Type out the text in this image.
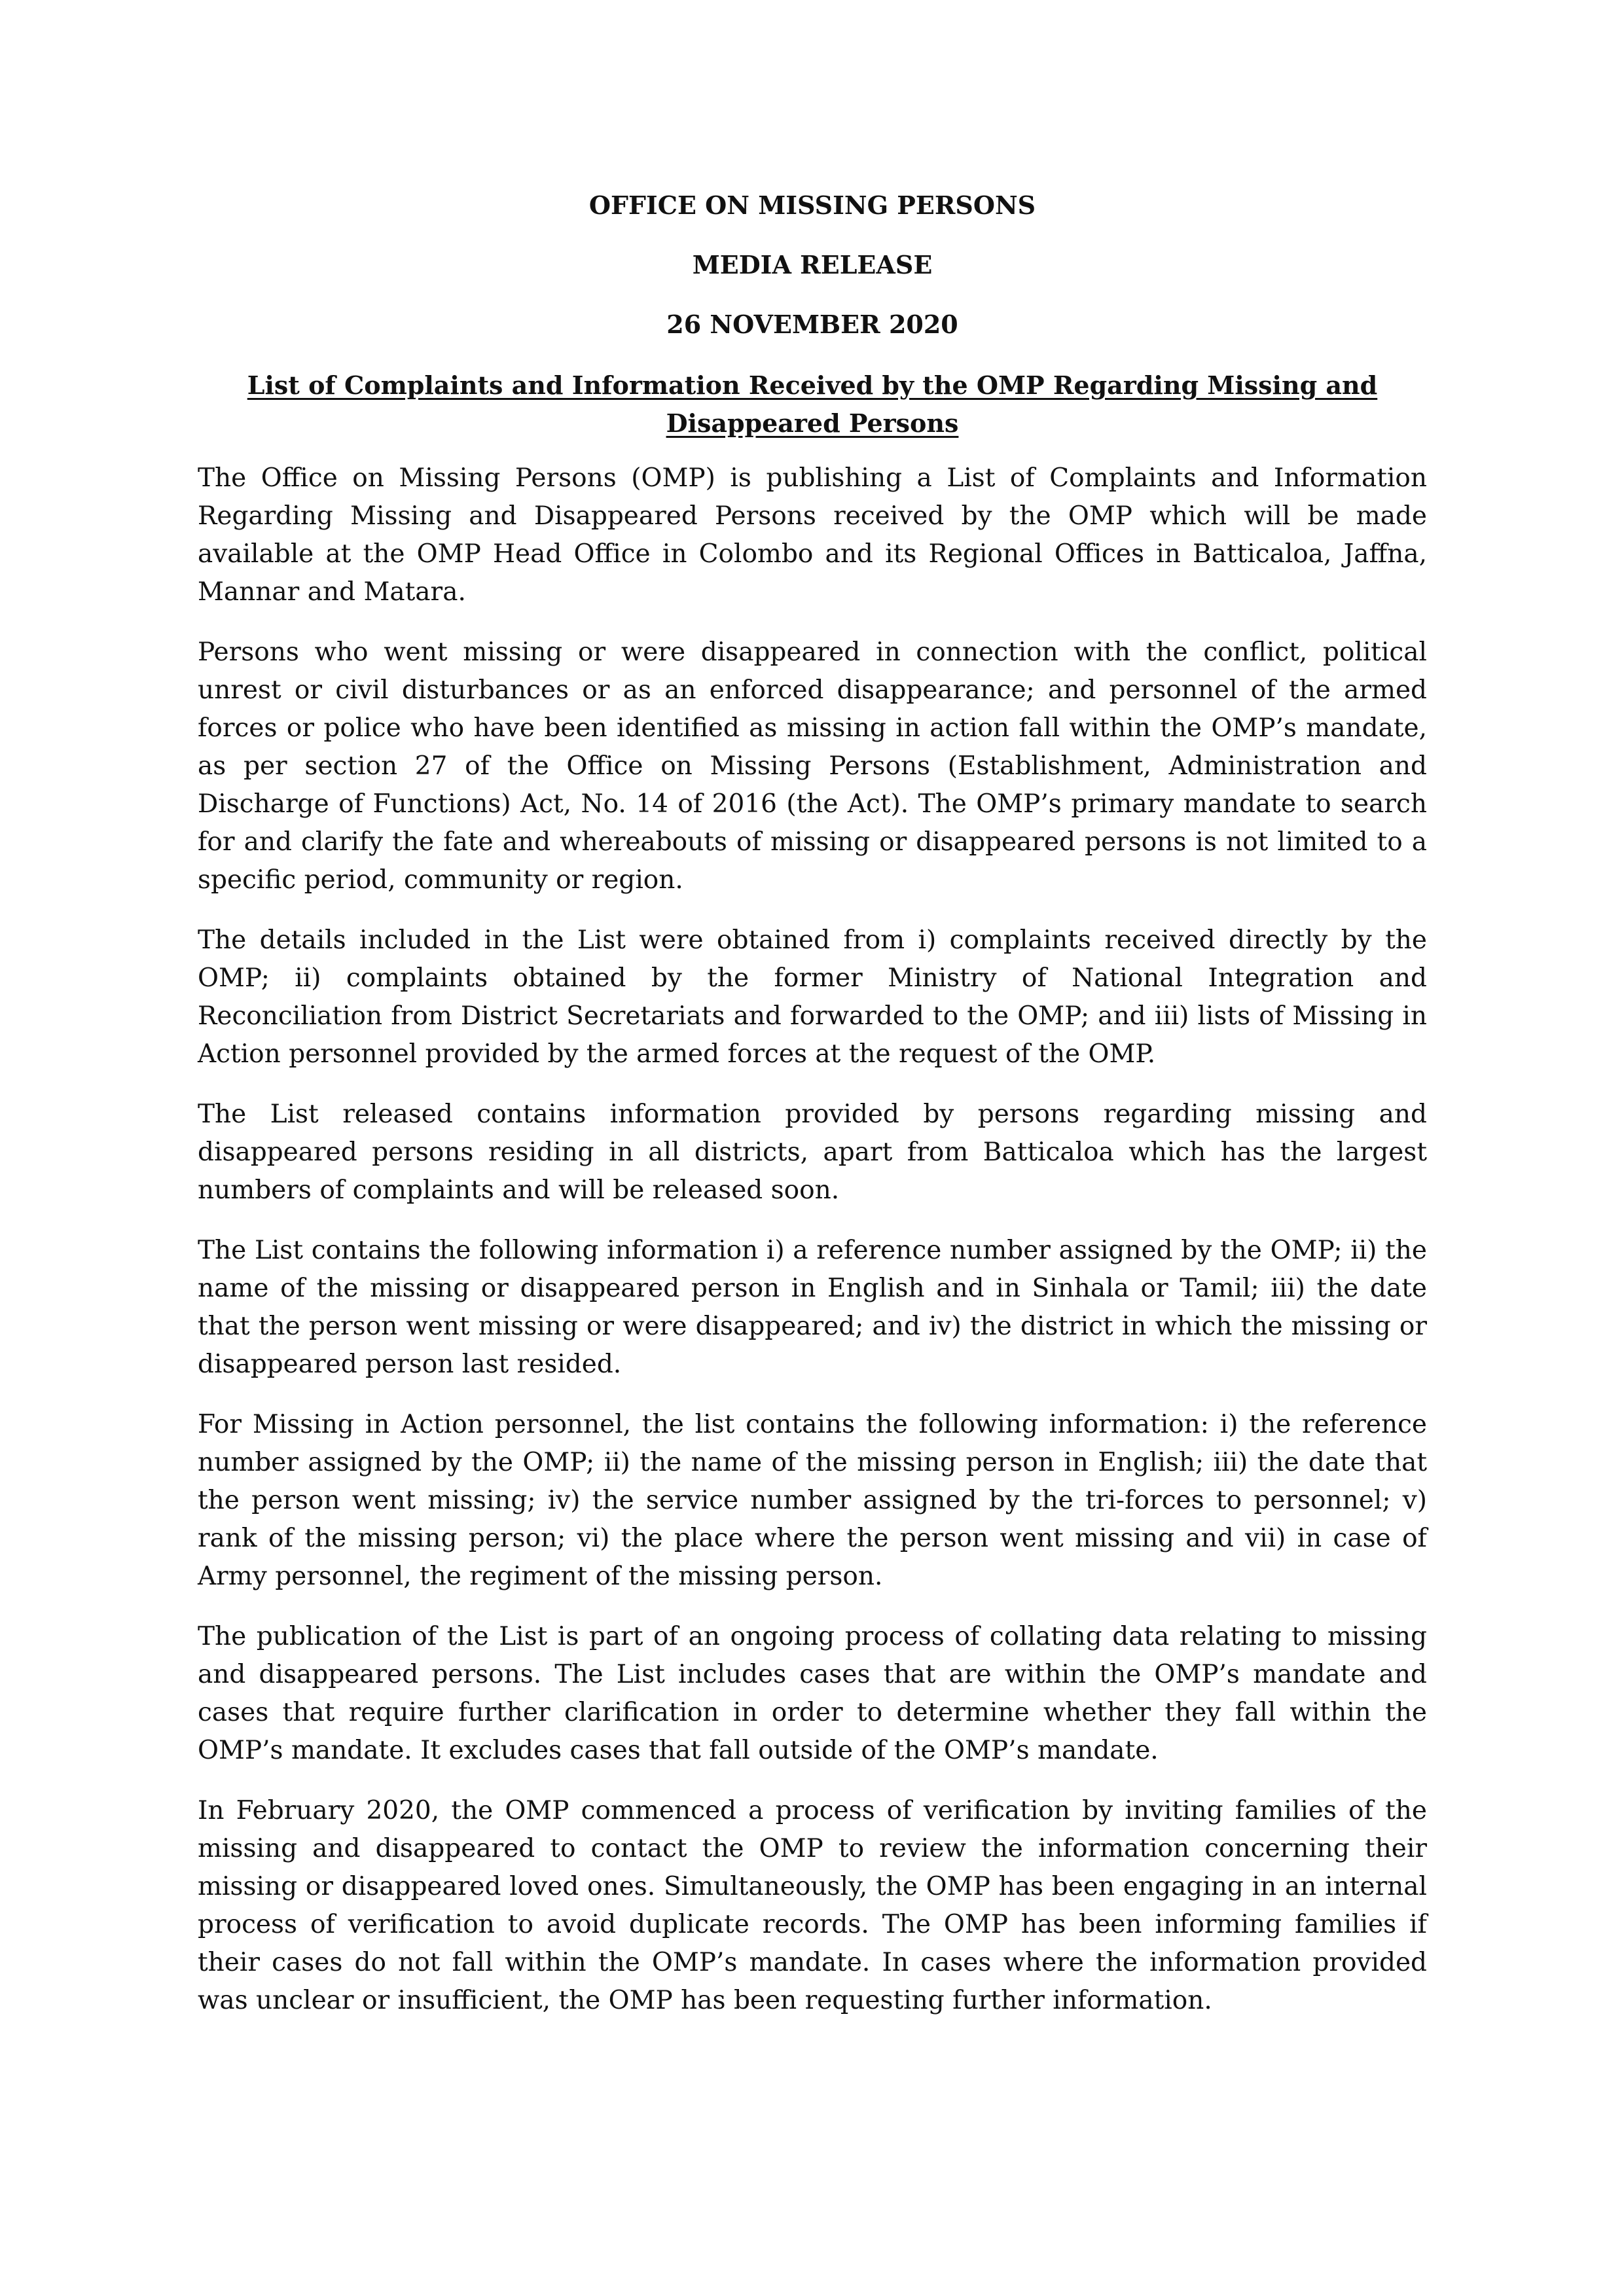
OFFICE ON MISSING PERSONS
MEDIA RELEASE
26 NOVEMBER 2020
List of Complaints and Information Received by the OMP Regarding Missing and Disappeared Persons

The Office on Missing Persons (OMP) is publishing a List of Complaints and Information Regarding Missing and Disappeared Persons received by the OMP which will be made available at the OMP Head Office in Colombo and its Regional Offices in Batticaloa, Jaffna, Mannar and Matara.

Persons who went missing or were disappeared in connection with the conflict, political unrest or civil disturbances or as an enforced disappearance; and personnel of the armed forces or police who have been identified as missing in action fall within the OMP’s mandate, as per section 27 of the Office on Missing Persons (Establishment, Administration and Discharge of Functions) Act, No. 14 of 2016 (the Act). The OMP’s primary mandate to search for and clarify the fate and whereabouts of missing or disappeared persons is not limited to a specific period, community or region.

The details included in the List were obtained from i) complaints received directly by the OMP; ii) complaints obtained by the former Ministry of National Integration and Reconciliation from District Secretariats and forwarded to the OMP; and iii) lists of Missing in Action personnel provided by the armed forces at the request of the OMP.

The List released contains information provided by persons regarding missing and disappeared persons residing in all districts, apart from Batticaloa which has the largest numbers of complaints and will be released soon.

The List contains the following information i) a reference number assigned by the OMP; ii) the name of the missing or disappeared person in English and in Sinhala or Tamil; iii) the date that the person went missing or were disappeared; and iv) the district in which the missing or disappeared person last resided.

For Missing in Action personnel, the list contains the following information: i) the reference number assigned by the OMP; ii) the name of the missing person in English; iii) the date that the person went missing; iv) the service number assigned by the tri-forces to personnel; v) rank of the missing person; vi) the place where the person went missing and vii) in case of Army personnel, the regiment of the missing person.

The publication of the List is part of an ongoing process of collating data relating to missing and disappeared persons. The List includes cases that are within the OMP’s mandate and cases that require further clarification in order to determine whether they fall within the OMP’s mandate. It excludes cases that fall outside of the OMP’s mandate.

In February 2020, the OMP commenced a process of verification by inviting families of the missing and disappeared to contact the OMP to review the information concerning their missing or disappeared loved ones. Simultaneously, the OMP has been engaging in an internal process of verification to avoid duplicate records. The OMP has been informing families if their cases do not fall within the OMP’s mandate. In cases where the information provided was unclear or insufficient, the OMP has been requesting further information.
